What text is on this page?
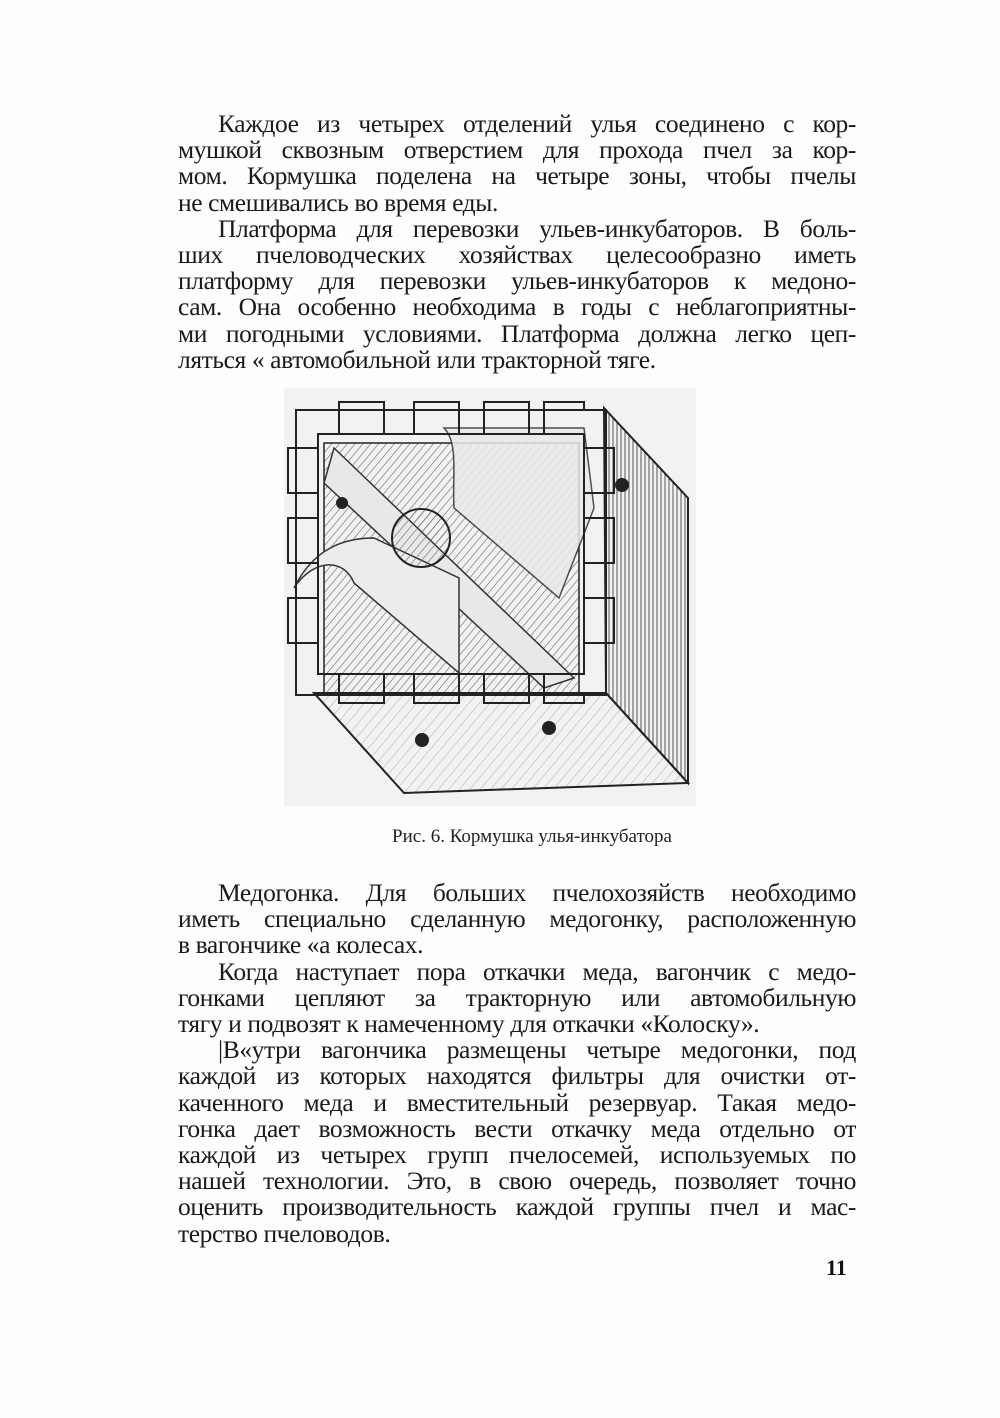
Каждое из четырех отделений улья соединено с кор-
мушкой сквозным отверстием для прохода пчел за кор-
мом. Кормушка поделена на четыре зоны, чтобы пчелы
не смешивались во время еды.
Платформа для перевозки ульев-инкубаторов. В боль-
ших пчеловодческих хозяйствах целесообразно иметь
платформу для перевозки ульев-инкубаторов к медоно-
сам. Она особенно необходима в годы с неблагоприятны-
ми погодными условиями. Платформа должна легко цеп-
ляться « автомобильной или тракторной тяге.
Рис. 6. Кормушка улья-инкубатора
Медогонка. Для больших пчелохозяйств необходимо
иметь специально сделанную медогонку, расположенную
в вагончике «а колесах.
Когда наступает пора откачки меда, вагончик с медо-
гонками цепляют за тракторную или автомобильную
тягу и подвозят к намеченному для откачки «Колоску».
|В«утри вагончика размещены четыре медогонки, под
каждой из которых находятся фильтры для очистки от-
каченного меда и вместительный резервуар. Такая медо-
гонка дает возможность вести откачку меда отдельно от
каждой из четырех групп пчелосемей, используемых по
нашей технологии. Это, в свою очередь, позволяет точно
оценить производительность каждой группы пчел и мас-
терство пчеловодов.
11
